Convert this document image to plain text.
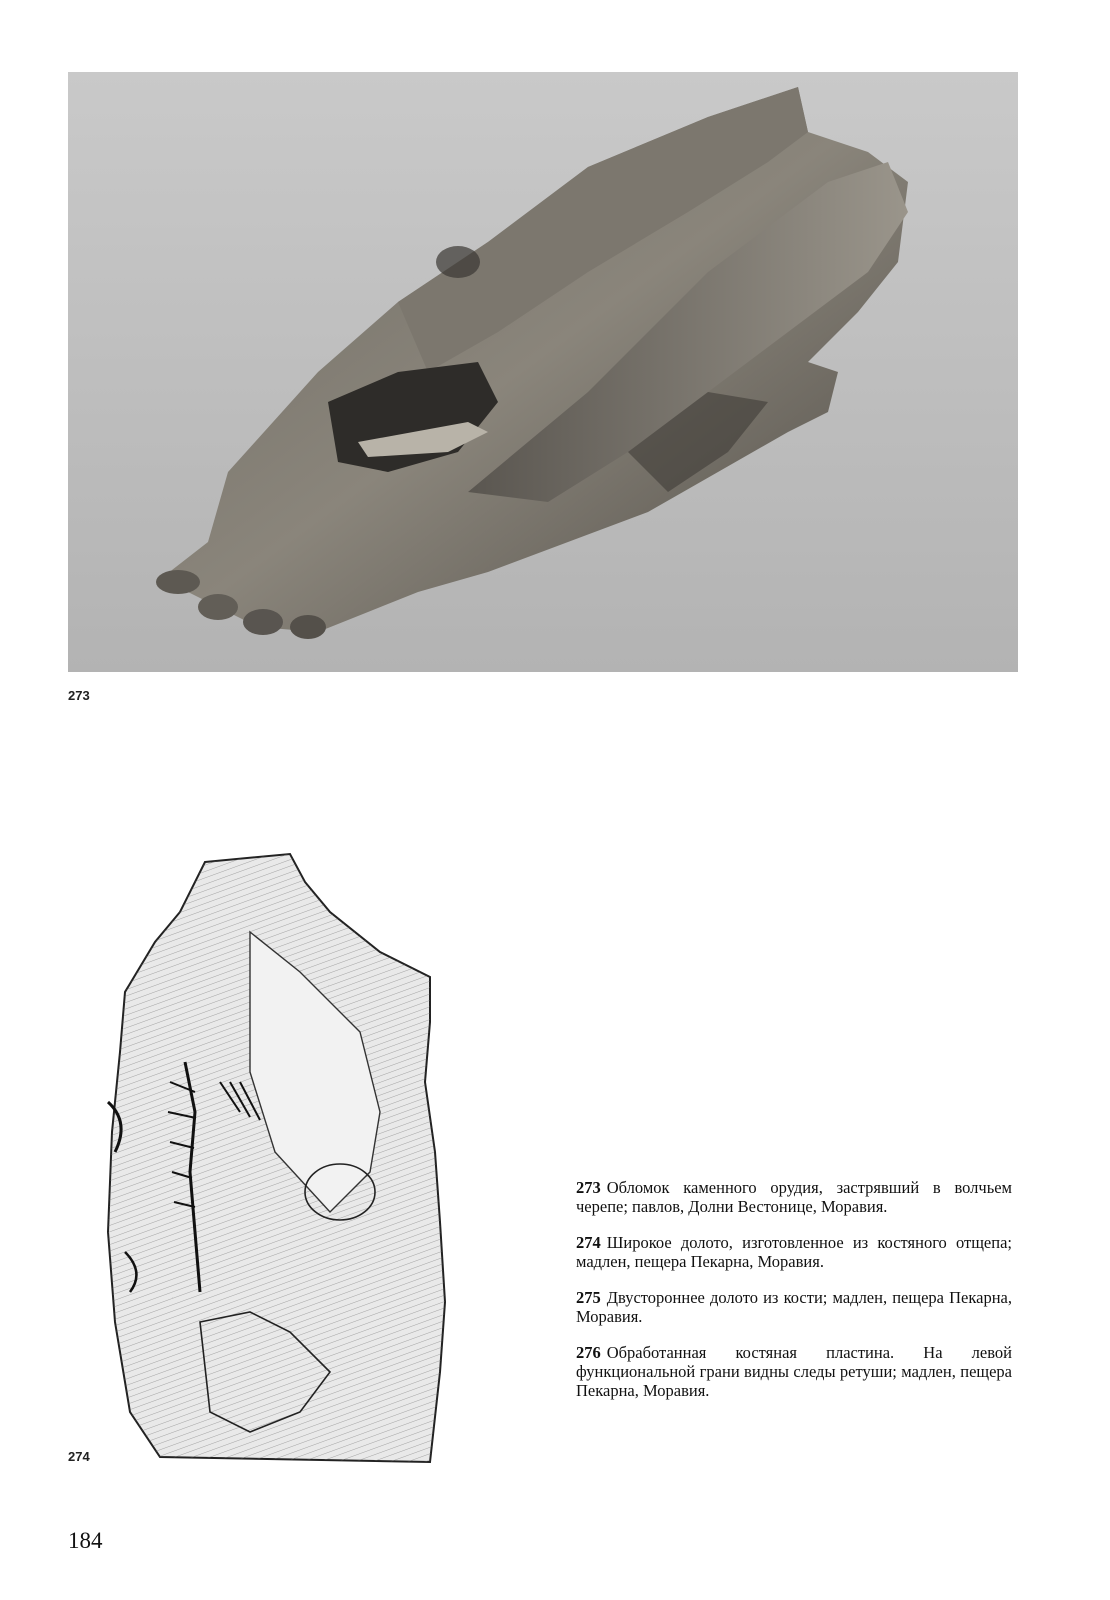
273
274

273 Обломок каменного орудия, застрявший в волчьем черепе; павлов, Долни Вестонице, Моравия.

274 Широкое долото, изготовленное из костяного отщепа; мадлен, пещера Пекарна, Моравия.

275 Двустороннее долото из кости; мадлен, пещера Пекарна, Моравия.

276 Обработанная костяная пластина. На левой функциональной грани видны следы ретуши; мадлен, пещера Пекарна, Моравия.

184
